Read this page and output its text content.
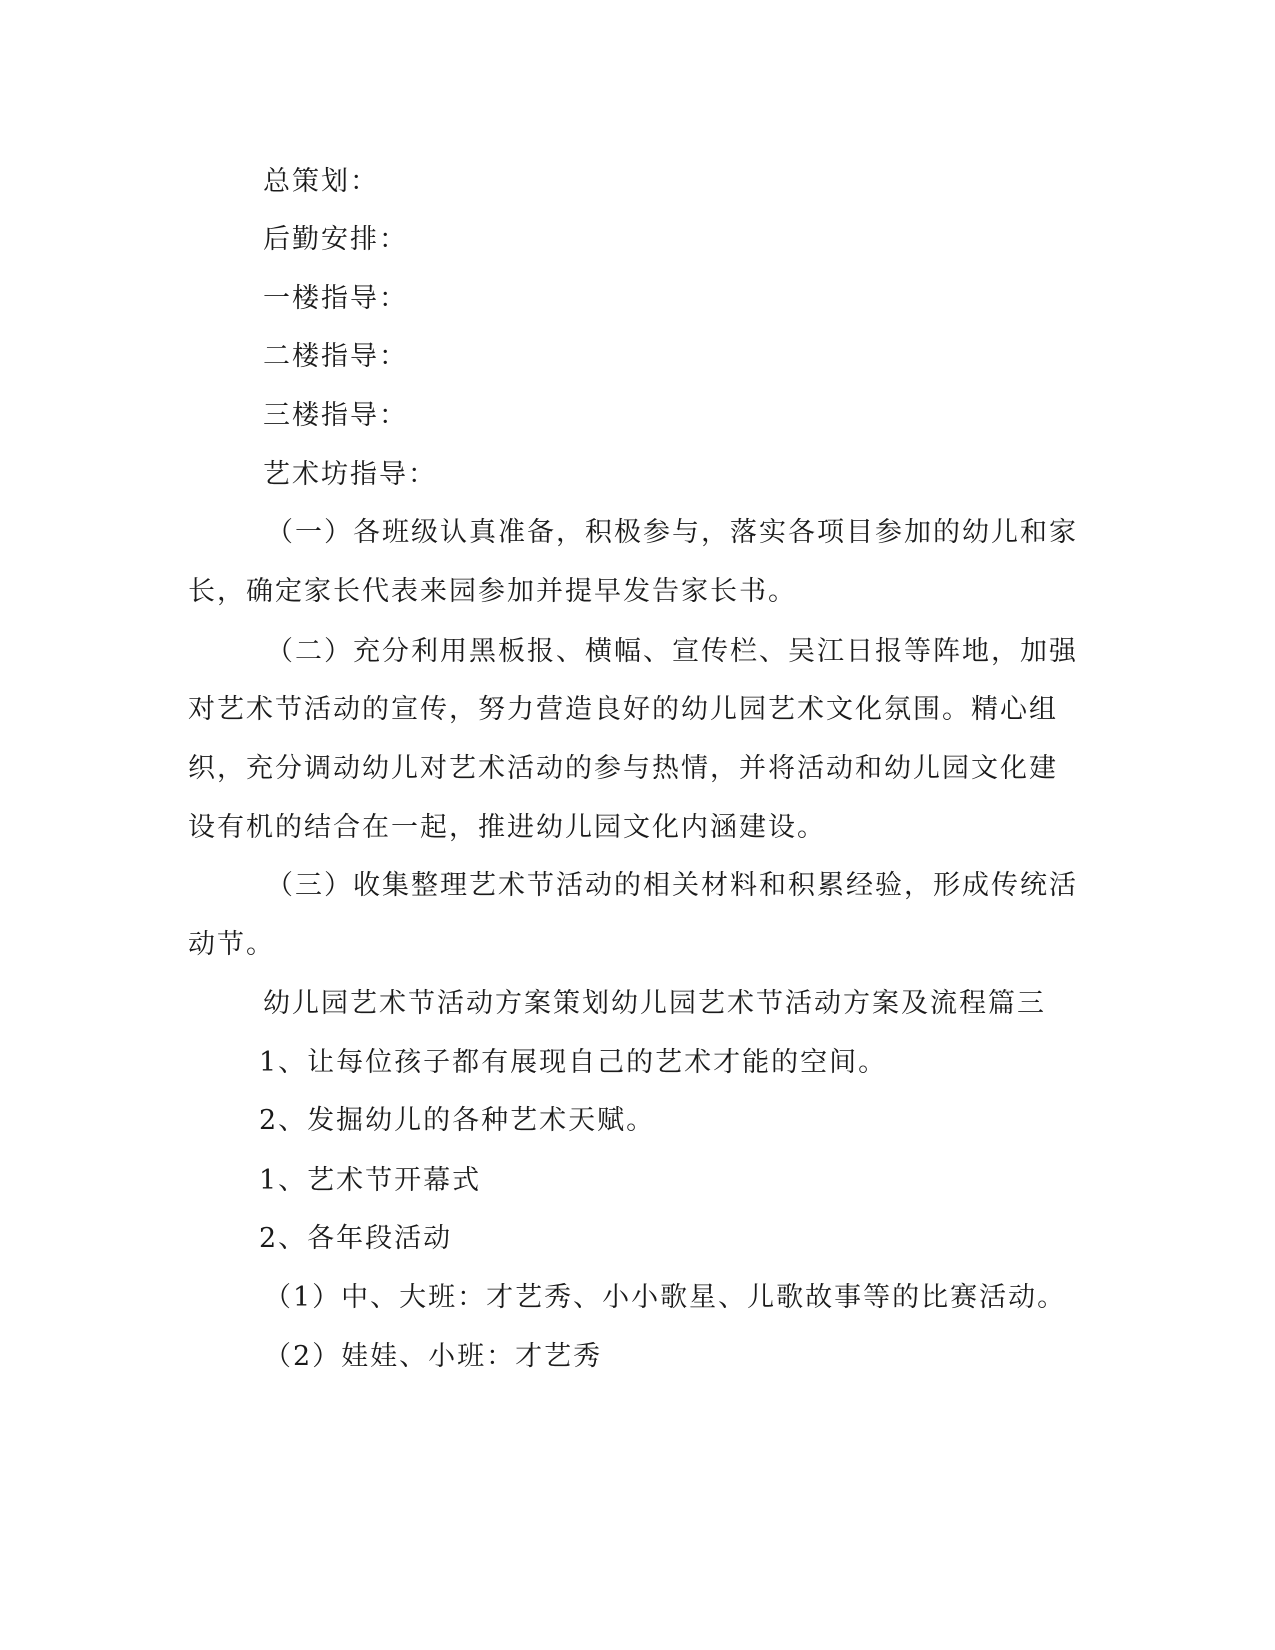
总策划：
后勤安排：
一楼指导：
二楼指导：
三楼指导：
艺术坊指导：
（一）各班级认真准备，积极参与，落实各项目参加的幼儿和家
长，确定家长代表来园参加并提早发告家长书。
（二）充分利用黑板报、横幅、宣传栏、吴江日报等阵地，加强
对艺术节活动的宣传，努力营造良好的幼儿园艺术文化氛围。精心组
织，充分调动幼儿对艺术活动的参与热情，并将活动和幼儿园文化建
设有机的结合在一起，推进幼儿园文化内涵建设。
（三）收集整理艺术节活动的相关材料和积累经验，形成传统活
动节。
幼儿园艺术节活动方案策划幼儿园艺术节活动方案及流程篇三
1、让每位孩子都有展现自己的艺术才能的空间。
2、发掘幼儿的各种艺术天赋。
1、艺术节开幕式
2、各年段活动
（1）中、大班：才艺秀、小小歌星、儿歌故事等的比赛活动。
（2）娃娃、小班：才艺秀
